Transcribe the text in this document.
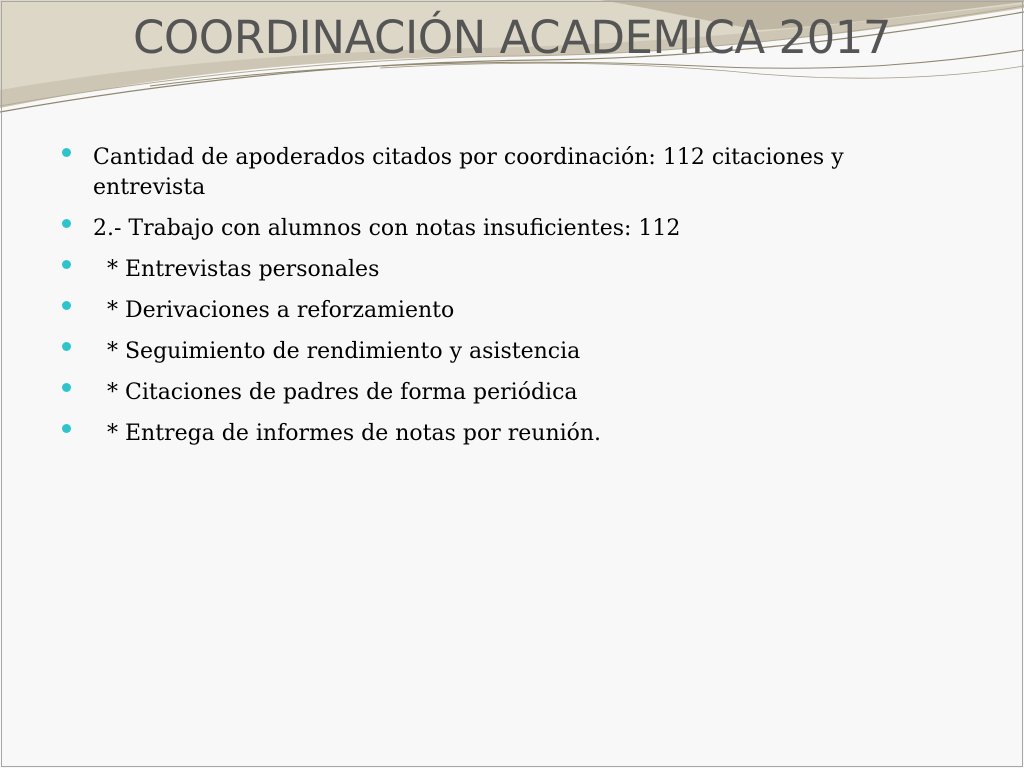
COORDINACIÓN ACADEMICA 2017
Cantidad de apoderados citados por coordinación: 112 citaciones y entrevista
2.- Trabajo con alumnos con notas insuficientes: 112
* Entrevistas personales
* Derivaciones a reforzamiento
* Seguimiento de rendimiento y asistencia
* Citaciones de padres de forma periódica
* Entrega de informes de notas por reunión.
